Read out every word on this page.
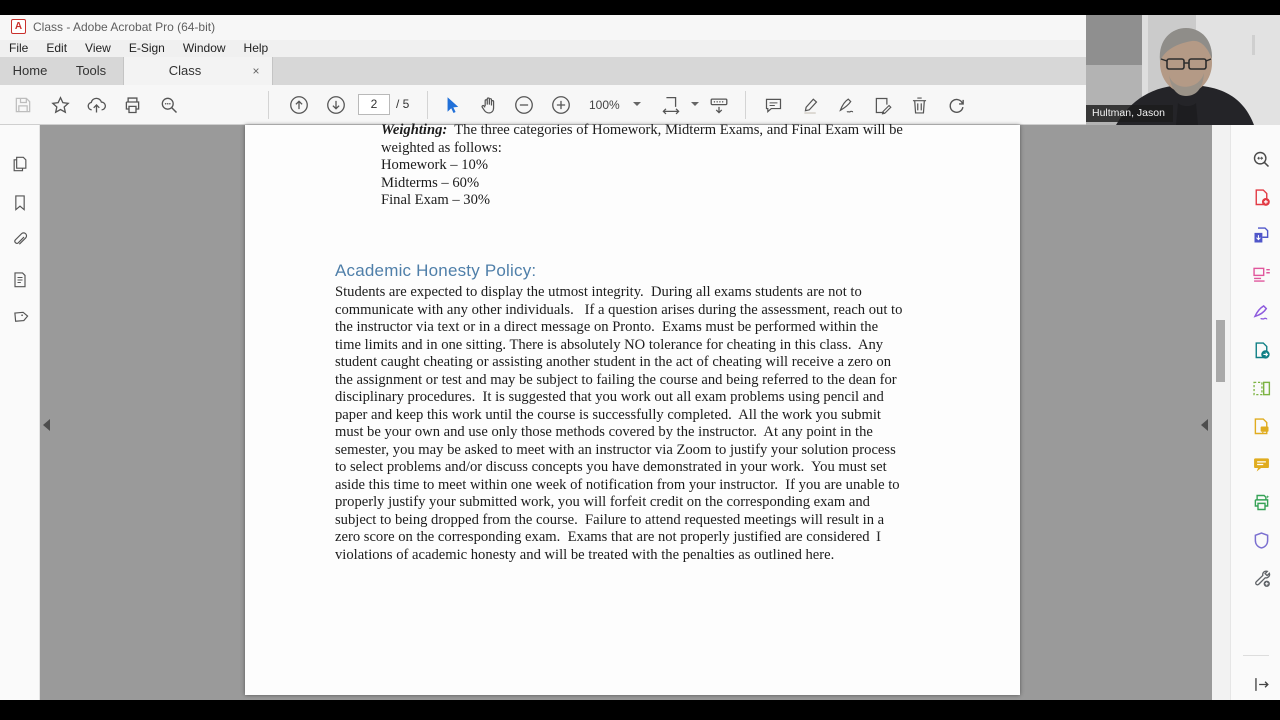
A Class - Adobe Acrobat Pro (64-bit)
File	Edit	View	E-Sign	Window	Help
Home	Tools	Class	×
2	/ 5	100%
Weighting:  The three categories of Homework, Midterm Exams, and Final Exam will be
weighted as follows:
Homework – 10%
Midterms – 60%
Final Exam – 30%
Academic Honesty Policy:
Students are expected to display the utmost integrity.  During all exams students are not to
communicate with any other individuals.   If a question arises during the assessment, reach out to
the instructor via text or in a direct message on Pronto.  Exams must be performed within the
time limits and in one sitting. There is absolutely NO tolerance for cheating in this class.  Any
student caught cheating or assisting another student in the act of cheating will receive a zero on
the assignment or test and may be subject to failing the course and being referred to the dean for
disciplinary procedures.  It is suggested that you work out all exam problems using pencil and
paper and keep this work until the course is successfully completed.  All the work you submit
must be your own and use only those methods covered by the instructor.  At any point in the
semester, you may be asked to meet with an instructor via Zoom to justify your solution process
to select problems and/or discuss concepts you have demonstrated in your work.  You must set
aside this time to meet within one week of notification from your instructor.  If you are unable to
properly justify your submitted work, you will forfeit credit on the corresponding exam and
subject to being dropped from the course.  Failure to attend requested meetings will result in a
zero score on the corresponding exam.  Exams that are not properly justified are considered
violations of academic honesty and will be treated with the penalties as outlined here.
I
Hultman, Jason
